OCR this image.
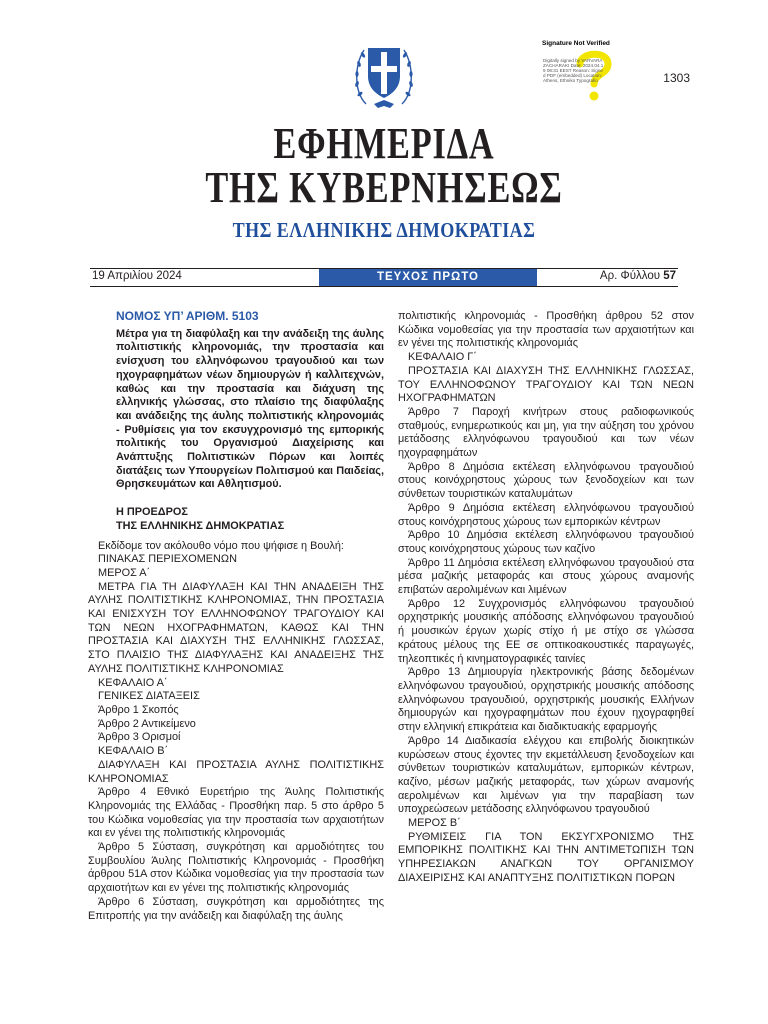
Signature Not Verified
Digitally signed by VARVARA ZACHARAKI Date: 2024.04.19 08:31 EEST Reason: Signed PDF (embedded) Location: Athens, Ethniko Typografio	1303
ΕΦΗΜΕΡΙΔΑ
ΤΗΣ ΚΥΒΕΡΝΗΣΕΩΣ
ΤΗΣ ΕΛΛΗΝΙΚΗΣ ΔΗΜΟΚΡΑΤΙΑΣ
19 Απριλίου 2024	ΤΕΥΧΟΣ ΠΡΩΤΟ	Αρ. Φύλλου 57

ΝΟΜΟΣ ΥΠ’ ΑΡΙΘΜ. 5103

Μέτρα για τη διαφύλαξη και την ανάδειξη της άυλης πολιτιστικής κληρονομιάς, την προστασία και ενίσχυση του ελληνόφωνου τραγουδιού και των ηχογραφημάτων νέων δημιουργών ή καλλιτεχνών, καθώς και την προστασία και διάχυση της ελληνικής γλώσσας, στο πλαίσιο της διαφύλαξης και ανάδειξης της άυλης πολιτιστικής κληρονομιάς - Ρυθμίσεις για τον εκσυγχρονισμό της εμπορικής πολιτικής του Οργανισμού Διαχείρισης και Ανάπτυξης Πολιτιστικών Πόρων και λοιπές διατάξεις των Υπουργείων Πολιτισμού και Παιδείας, Θρησκευμάτων και Αθλητισμού.

Η ΠΡΟΕΔΡΟΣ

ΤΗΣ ΕΛΛΗΝΙΚΗΣ ΔΗΜΟΚΡΑΤΙΑΣ

Εκδίδομε τον ακόλουθο νόμο που ψήφισε η Βουλή:

ΠΙΝΑΚΑΣ ΠΕΡΙΕΧΟΜΕΝΩΝ

ΜΕΡΟΣ Α΄

ΜΕΤΡΑ ΓΙΑ ΤΗ ΔΙΑΦΥΛΑΞΗ ΚΑΙ ΤΗΝ ΑΝΑΔΕΙΞΗ ΤΗΣ ΑΥΛΗΣ ΠΟΛΙΤΙΣΤΙΚΗΣ ΚΛΗΡΟΝΟΜΙΑΣ, ΤΗΝ ΠΡΟΣΤΑΣΙΑ ΚΑΙ ΕΝΙΣΧΥΣΗ ΤΟΥ ΕΛΛΗΝΟΦΩΝΟΥ ΤΡΑΓΟΥΔΙΟΥ ΚΑΙ ΤΩΝ ΝΕΩΝ ΗΧΟΓΡΑΦΗΜΑΤΩΝ, ΚΑΘΩΣ ΚΑΙ ΤΗΝ ΠΡΟΣΤΑΣΙΑ ΚΑΙ ΔΙΑΧΥΣΗ ΤΗΣ ΕΛΛΗΝΙΚΗΣ ΓΛΩΣΣΑΣ, ΣΤΟ ΠΛΑΙΣΙΟ ΤΗΣ ΔΙΑΦΥΛΑΞΗΣ ΚΑΙ ΑΝΑΔΕΙΞΗΣ ΤΗΣ ΑΥΛΗΣ ΠΟΛΙΤΙΣΤΙΚΗΣ ΚΛΗΡΟΝΟΜΙΑΣ

ΚΕΦΑΛΑΙΟ Α΄

ΓΕΝΙΚΕΣ ΔΙΑΤΑΞΕΙΣ

Άρθρο 1 Σκοπός

Άρθρο 2 Αντικείμενο

Άρθρο 3 Ορισμοί

ΚΕΦΑΛΑΙΟ Β΄

ΔΙΑΦΥΛΑΞΗ ΚΑΙ ΠΡΟΣΤΑΣΙΑ ΑΥΛΗΣ ΠΟΛΙΤΙΣΤΙΚΗΣ ΚΛΗΡΟΝΟΜΙΑΣ

Άρθρο 4 Εθνικό Ευρετήριο της Άυλης Πολιτιστικής Κληρονομιάς της Ελλάδας - Προσθήκη παρ. 5 στο άρθρο 5 του Κώδικα νομοθεσίας για την προστασία των αρχαιοτήτων και εν γένει της πολιτιστικής κληρονομιάς

Άρθρο 5 Σύσταση, συγκρότηση και αρμοδιότητες του Συμβουλίου Άυλης Πολιτιστικής Κληρονομιάς - Προσθήκη άρθρου 51Α στον Κώδικα νομοθεσίας για την προστασία των αρχαιοτήτων και εν γένει της πολιτιστικής κληρονομιάς

Άρθρο 6 Σύσταση, συγκρότηση και αρμοδιότητες της Επιτροπής για την ανάδειξη και διαφύλαξη της άυλης

πολιτιστικής κληρονομιάς - Προσθήκη άρθρου 52 στον Κώδικα νομοθεσίας για την προστασία των αρχαιοτήτων και εν γένει της πολιτιστικής κληρονομιάς

ΚΕΦΑΛΑΙΟ Γ΄

ΠΡΟΣΤΑΣΙΑ ΚΑΙ ΔΙΑΧΥΣΗ ΤΗΣ ΕΛΛΗΝΙΚΗΣ ΓΛΩΣΣΑΣ, ΤΟΥ ΕΛΛΗΝΟΦΩΝΟΥ ΤΡΑΓΟΥΔΙΟΥ ΚΑΙ ΤΩΝ ΝΕΩΝ ΗΧΟΓΡΑΦΗΜΑΤΩΝ

Άρθρο 7 Παροχή κινήτρων στους ραδιοφωνικούς σταθμούς, ενημερωτικούς και μη, για την αύξηση του χρόνου μετάδοσης ελληνόφωνου τραγουδιού και των νέων ηχογραφημάτων

Άρθρο 8 Δημόσια εκτέλεση ελληνόφωνου τραγουδιού στους κοινόχρηστους χώρους των ξενοδοχείων και των σύνθετων τουριστικών καταλυμάτων

Άρθρο 9 Δημόσια εκτέλεση ελληνόφωνου τραγουδιού στους κοινόχρηστους χώρους των εμπορικών κέντρων

Άρθρο 10 Δημόσια εκτέλεση ελληνόφωνου τραγουδιού στους κοινόχρηστους χώρους των καζίνο

Άρθρο 11 Δημόσια εκτέλεση ελληνόφωνου τραγουδιού στα μέσα μαζικής μεταφοράς και στους χώρους αναμονής επιβατών αερολιμένων και λιμένων

Άρθρο 12 Συγχρονισμός ελληνόφωνου τραγουδιού ορχηστρικής μουσικής απόδοσης ελληνόφωνου τραγουδιού ή μουσικών έργων χωρίς στίχο ή με στίχο σε γλώσσα κράτους μέλους της ΕΕ σε οπτικοακουστικές παραγωγές, τηλεοπτικές ή κινηματογραφικές ταινίες

Άρθρο 13 Δημιουργία ηλεκτρονικής βάσης δεδομένων ελληνόφωνου τραγουδιού, ορχηστρικής μουσικής απόδοσης ελληνόφωνου τραγουδιού, ορχηστρικής μουσικής Ελλήνων δημιουργών και ηχογραφημάτων που έχουν ηχογραφηθεί στην ελληνική επικράτεια και διαδικτυακής εφαρμογής

Άρθρο 14 Διαδικασία ελέγχου και επιβολής διοικητικών κυρώσεων στους έχοντες την εκμετάλλευση ξενοδοχείων και σύνθετων τουριστικών καταλυμάτων, εμπορικών κέντρων, καζίνο, μέσων μαζικής μεταφοράς, των χώρων αναμονής αερολιμένων και λιμένων για την παραβίαση των υποχρεώσεων μετάδοσης ελληνόφωνου τραγουδιού

ΜΕΡΟΣ Β΄

ΡΥΘΜΙΣΕΙΣ ΓΙΑ ΤΟΝ ΕΚΣΥΓΧΡΟΝΙΣΜΟ ΤΗΣ ΕΜΠΟΡΙΚΗΣ ΠΟΛΙΤΙΚΗΣ ΚΑΙ ΤΗΝ ΑΝΤΙΜΕΤΩΠΙΣΗ ΤΩΝ ΥΠΗΡΕΣΙΑΚΩΝ ΑΝΑΓΚΩΝ ΤΟΥ ΟΡΓΑΝΙΣΜΟΥ ΔΙΑΧΕΙΡΙΣΗΣ ΚΑΙ ΑΝΑΠΤΥΞΗΣ ΠΟΛΙΤΙΣΤΙΚΩΝ ΠΟΡΩΝ
